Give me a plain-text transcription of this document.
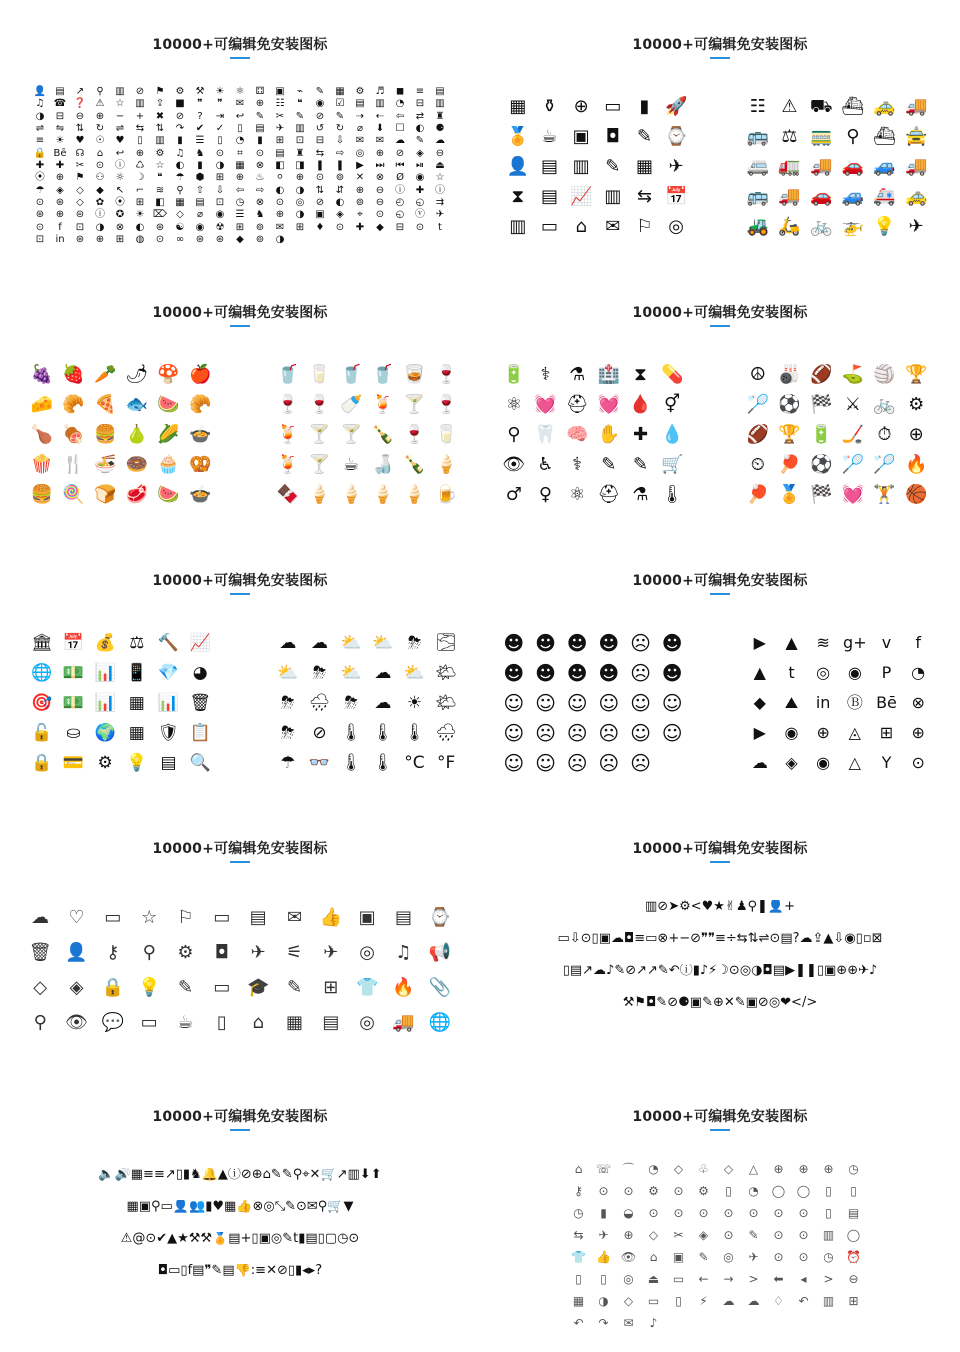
10000+可编辑免安装图标
👤 ▤ ↗ ⚲ ▥ ⊘ ⚑ ⚙ ⚒ ☀ ⚛ ⚃ ▣ ⌁ ✎ ▦ ⚙ ♬ ◼ ≡ ▤
♫ ☎ ❓ ⚠ ☆ ▥ ⇪ ■ ❞ ❞ ✉ ⊕ ☷ ❝ ◉ ☑ ▤ ▥ ◔ ⊟ ▥
◑ ⊟ ⊖ ⊕ − + ✖ ⊘ ? ⇥ ↩ ✎ ✂ ✎ ⊘ ✎ ⇢ ⇠ ⇦ ⇄ ♜
⇌ ⇋ ⇅ ↻ ⇌ ⇆ ⇅ ↷ ✔ ✓ ▯ ▤ ✈ ▥ ↺ ↻ ⌀ ⬇ ☐ ◐ ⚈
≡ ☀ ♥ ☉ ♥ ▯ ▥ ▮ ☰ ▯ ◔ ▮ ⊞ ⊡ ⊟ ⇩ ✉ ✉ ☁ ✎ ☁
🔒 Bē ☊ ⌂ ↩ ⊕ ⚙ ♫ ♞ ⊙ ⌗ ⊙ ▤ ♜ ⇆ ⇨ ◎ ⊕ ⊘ ◈ ⊖
✚ ✚ ✂ ⊙ ⓘ ♺ ☆ ◐ ▮ ◑ ▦ ⊗ ◧ ◨ ❚ ❚ ▶ ⏭ ⏮ ⏯ ⏏
⦿ ⊕ ⚑ ⚇ ☼ ☽ ❝ ☂ ⬢ ⊞ ⊕ ♨ ⚪ ⊕ ⊙ ⊚ ✕ ⊗ Ø ◉ ☆
☂ ◈ ◇ ◆ ↖ ⌐ ≋ ⚲ ⇧ ⇩ ⇦ ⇨ ◐ ◑ ⇅ ⇵ ⊕ ⊖ ⓘ ✚ ⓘ
⊙ ⊛ ◇ ✿ ⦿ ⊞ ◧ ▦ ▤ ⊡ ◷ ⊗ ⊙ ◎ ⊘ ◐ ⊚ ⊖ ◴ ◵ ⇉
⊛ ⊕ ⊜ ⓘ ✪ ☀ ⌦ ◇ ⌀ ◉ ☰ ♞ ⊕ ◑ ▣ ◈ ⌖ ⊙ ◵ ⓥ ✈
⊙ f ⊡ ◑ ⊗ ◐ ⊛ ☯ ◉ ☢ ⊞ ⊚ ✉ ⊞ ♦ ⊙ ✚ ◆ ⊟ ⊙ t
⊡ in ⊛ ⊕ ⊞ ◍ ⊙ ∞ ⊛ ⊛ ◆ ⊚ ◑
10000+可编辑免安装图标
▦ ⚱ ⊕ ▭ ▮ 🚀
🏅 ☕ ▣ ◘ ✎ ⌚
👤 ▤ ▥ ✎ ▦ ✈
⧗ ▤ 📈 ▥ ⇆ 📅
▥ ▭ ⌂ ✉ ⚐ ◎
☷ ⚠ ⛟ ⛴ 🚕 🚚
🚌 ⚖ 🚃 ⚲ ⛴ 🚖
🚐 🚛 🚚 🚗 🚙 🚚
🚌 🚚 🚗 🚙 🚑 🚕
🚜 🛵 🚲 🚁 💡 ✈
10000+可编辑免安装图标
🍇 🍓 🥕 🌶 🍄 🍎
🧀 🥐 🍕 🐟 🍉 🥐
🍗 🍖 🍔 🍐 🌽 🍲
🍿 🍴 🍜 🍩 🧁 🥨
🍔 🍭 🍞 🥩 🍉 🍲
🥤 🥛 🥤 🥤 🥃 🍷
🍷 🍷 🍼 🍹 🍸 🍷
🍹 🍸 🍸 🍾 🍷 🥛
🍹 🍸 ☕ 🍶 🍾 🍦
🍫 🍦 🍦 🍦 🍦 🍺
10000+可编辑免安装图标
🔋 ⚕ ⚗ 🏥 ⧗ 💊
⚛ 💓 ⛑ 💓 🩸 ⚥
⚲ 🦷 🧠 ✋ ✚ 💧
👁 ♿ ⚕ ✎ ✎ 🛒
♂ ♀ ⚛ ⛑ ⚗ 🌡
☮ 🎳 🏈 ⛳ 🏐 🏆
🏸 ⚽ 🏁 ⚔ 🚲 ⚙
🏈 🏆 🔋 🏒 ⏱ ⊕
⏲ 🏓 ⚽ 🏸 🏸 🔥
🏓 🏅 🏁 💓 🏋 🏀
10000+可编辑免安装图标
🏛 📅 💰 ⚖ 🔨 📈
🌐 💵 📊 📱 💎 ◕
🎯 💵 📊 ▦ 📊 🗑
🔓 ⛀ 🌍 ▦ 🛡 📋
🔒 💳 ⚙ 💡 ▤ 🔍
☁ ☁ ⛅ ⛅ ⛈ 🌫
⛅ ⛈ ⛅ ☁ ⛅ 🌤
⛈ 🌧 ⛈ ☁ ☀ 🌤
⛈ ⊘ 🌡 🌡 🌡 🌧
☂ 👓 🌡 🌡 °C °F
10000+可编辑免安装图标
☻ ☻ ☻ ☻ ☹ ☻
☻ ☻ ☻ ☻ ☹ ☻
☺ ☺ ☺ ☺ ☺ ☺
☺ ☹ ☹ ☹ ☺ ☺
☺ ☺ ☹ ☹ ☹
▶ ▲ ≋ g+ v f
▲ t ◎ ◉ P ◔
◆ ⛰ in Ⓑ Bē ⊗
▶ ◉ ⊕ ◬ ⊞ ⊕
☁ ◈ ◉ △ Y ⊙
10000+可编辑免安装图标
☁ ♡ ▭ ☆ ⚐ ▭ ▤ ✉ 👍 ▣ ▤ ⌚
🗑 👤 ⚷ ⚲ ⚙ ◘ ✈ ⚟ ✈ ◎ ♫ 📢
◇ ◈ 🔒 💡 ✎ ▭ 🎓 ✎ ⊞ 👕 🔥 📎
⚲ 👁 💬 ▭ ☕ ▯ ⌂ ▦ ▤ ◎ 🚚 🌐
10000+可编辑免安装图标
▥⊘➤⚙<♥★✌♟⚲❚👤+
▭⇩⊙▯▣☁◘≡▭⊗+−⊘❞❞≡÷⇆⇅⇌⊙▤?☁⇪▲⇩◉▯▫⊠
▯▤↗☁♪✎⊘↗↗✎↶ⓘ▮♪⚡☽⊙◎◑◘▤▶❚❚▯▣⊕⊕✈♪
⚒⚑◘✎⊘⚈▣✎⊕✕✎▣⊘◎❤</>
10000+可编辑免安装图标
🔈🔊▦≡≡↗▯▮♞🔔▲ⓘ⊘⊕⌂✎✎⚲⌖✕🛒↗▥⬇⬆
▦▣⚲▭👤👥▮♥▦👍⊗◎⤡✎⊙✉⚲🛒▼
⚠@⊙✔▲★⚒⚒🏅▤+▯▣◎✎t▮▤▯▢◷⊙
◘▭▯f▤❞✎▤👎:≡✕⊘▯▮◂▸?
10000+可编辑免安装图标
⌂ ☏ ⌒ ◔ ◇ ♧ ◇ △ ⊕ ⊕ ⊕ ◷
⚷ ⊙ ⊙ ⚙ ⊙ ⚙ ▯ ◔ ◯ ◯ ▯ ▯
◷ ▮ ◒ ⊙ ⊙ ⊙ ⊙ ⊙ ⊙ ⊙ ▯ ▤
⇆ ✈ ⊕ ◇ ✂ ◈ ⊙ ✎ ⊙ ⊙ ▥ ◯
👕 👍 👁 ⌂ ▣ ✎ ◎ ✈ ⊙ ⊙ ◷ ⏰
▯ ▯ ◎ ⏏ ▭ ← → > ⬅ ◂ > ⊖
▦ ◑ ◇ ▭ ▯ ⚡ ☁ ☁ ♢ ↶ ▥ ⊞
↶ ↷ ✉ ♪
